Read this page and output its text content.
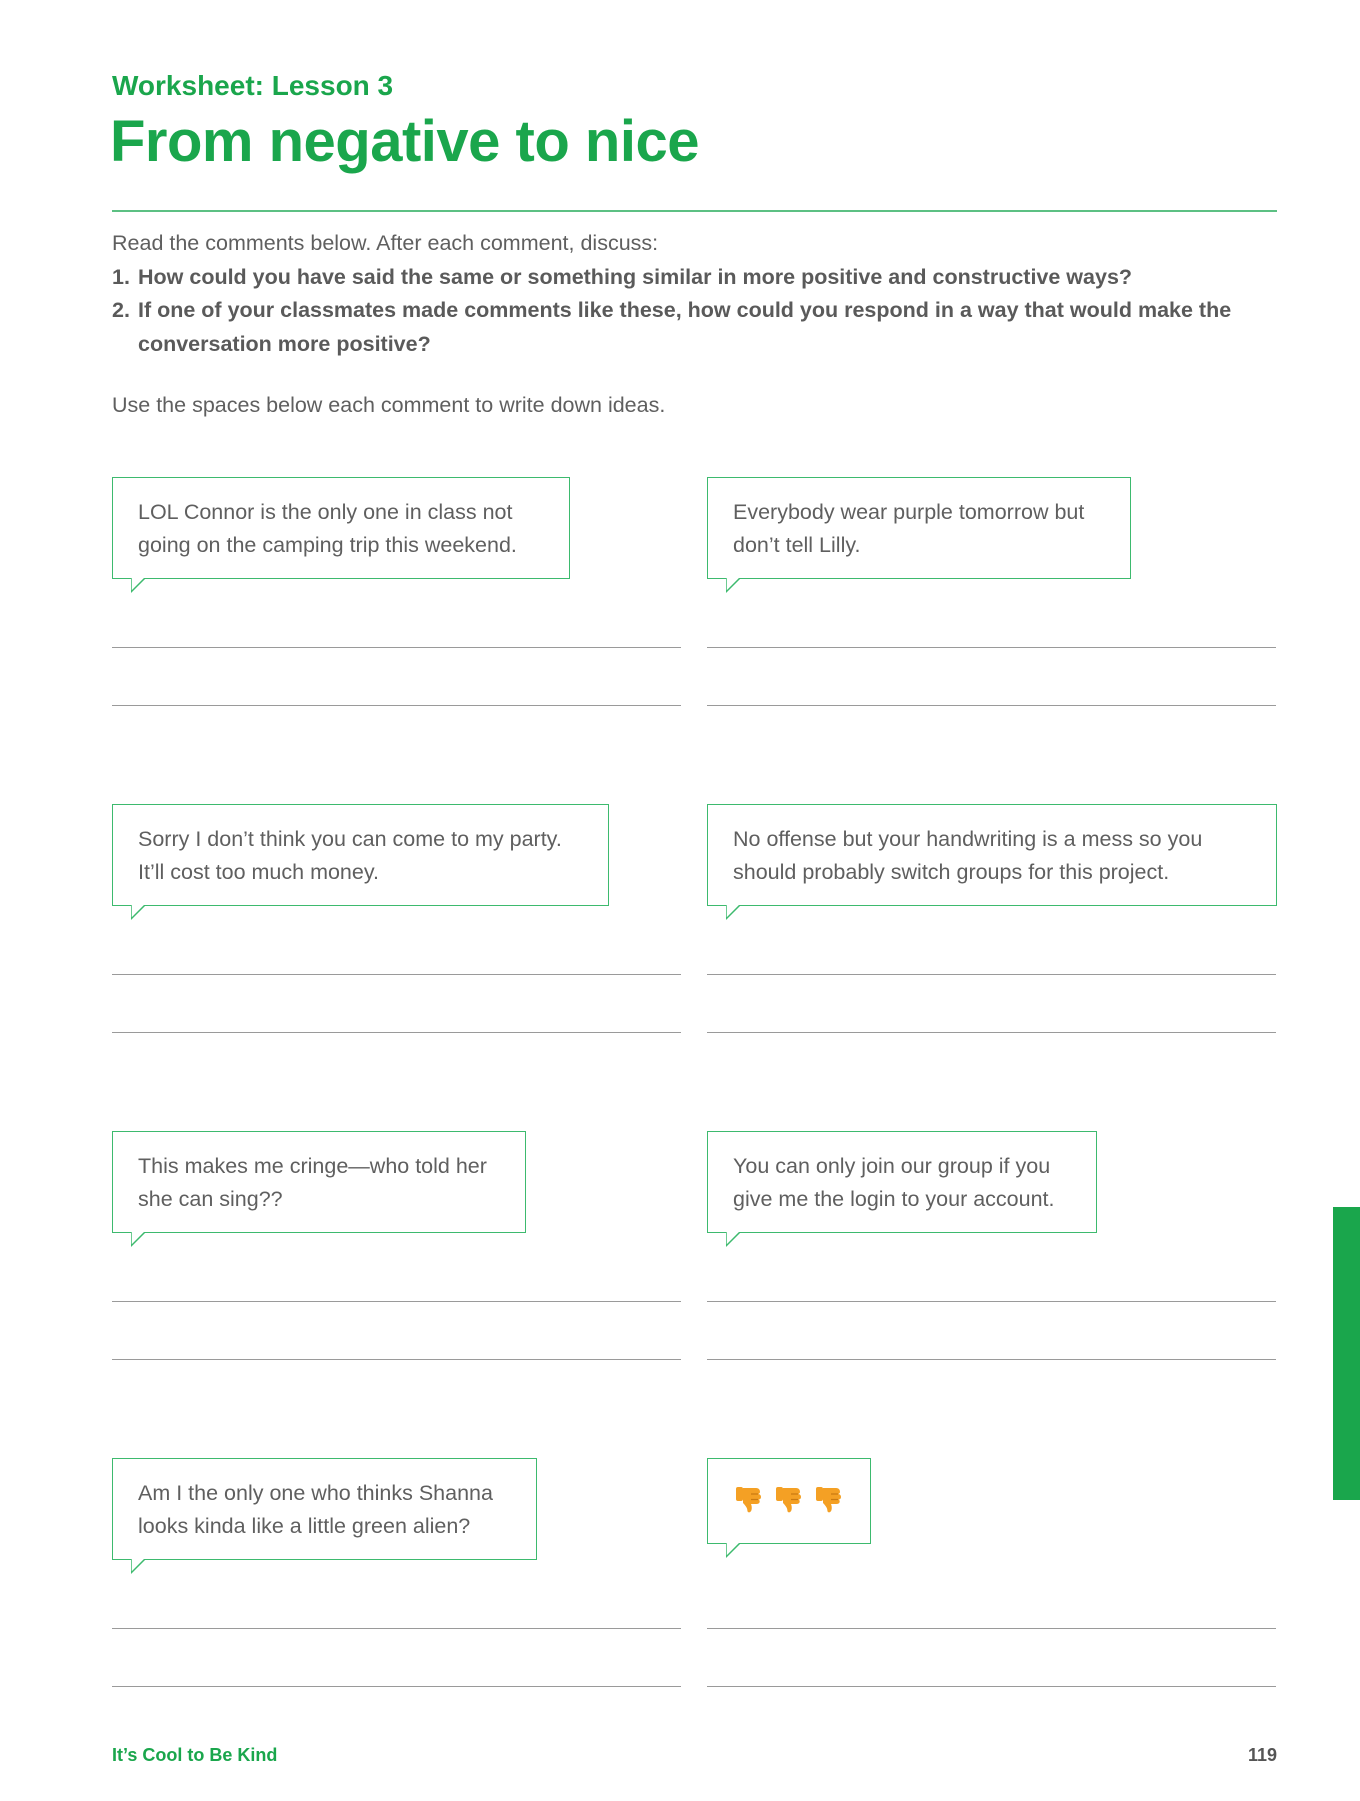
Worksheet: Lesson 3
From negative to nice

Read the comments below. After each comment, discuss:

1. How could you have said the same or something similar in more positive and constructive ways?
2. If one of your classmates made comments like these, how could you respond in a way that would make the conversation more positive?

Use the spaces below each comment to write down ideas.

LOL Connor is the only one in class not
going on the camping trip this weekend.
Everybody wear purple tomorrow but
don’t tell Lilly.
Sorry I don’t think you can come to my party.
It’ll cost too much money.
No offense but your handwriting is a mess so you
should probably switch groups for this project.
This makes me cringe—who told her
she can sing??
You can only join our group if you
give me the login to your account.
Am I the only one who thinks Shanna
looks kinda like a little green alien?
It’s Cool to Be Kind	119
